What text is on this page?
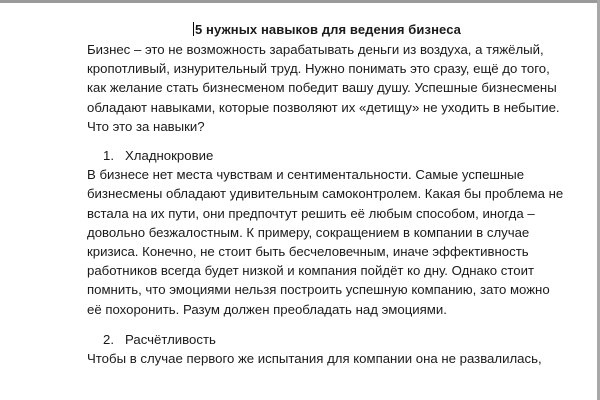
5 нужных навыков для ведения бизнеса

Бизнес – это не возможность зарабатывать деньги из воздуха, а тяжёлый, кропотливый, изнурительный труд. Нужно понимать это сразу, ещё до того, как желание стать бизнесменом победит вашу душу. Успешные бизнесмены обладают навыками, которые позволяют их «детищу» не уходить в небытие. Что это за навыки?

1. Хладнокровие

В бизнесе нет места чувствам и сентиментальности. Самые успешные бизнесмены обладают удивительным самоконтролем. Какая бы проблема не встала на их пути, они предпочтут решить её любым способом, иногда – довольно безжалостным. К примеру, сокращением в компании в случае кризиса. Конечно, не стоит быть бесчеловечным, иначе эффективность работников всегда будет низкой и компания пойдёт ко дну. Однако стоит помнить, что эмоциями нельзя построить успешную компанию, зато можно её похоронить. Разум должен преобладать над эмоциями.

2. Расчётливость

Чтобы в случае первого же испытания для компании она не развалилась,
